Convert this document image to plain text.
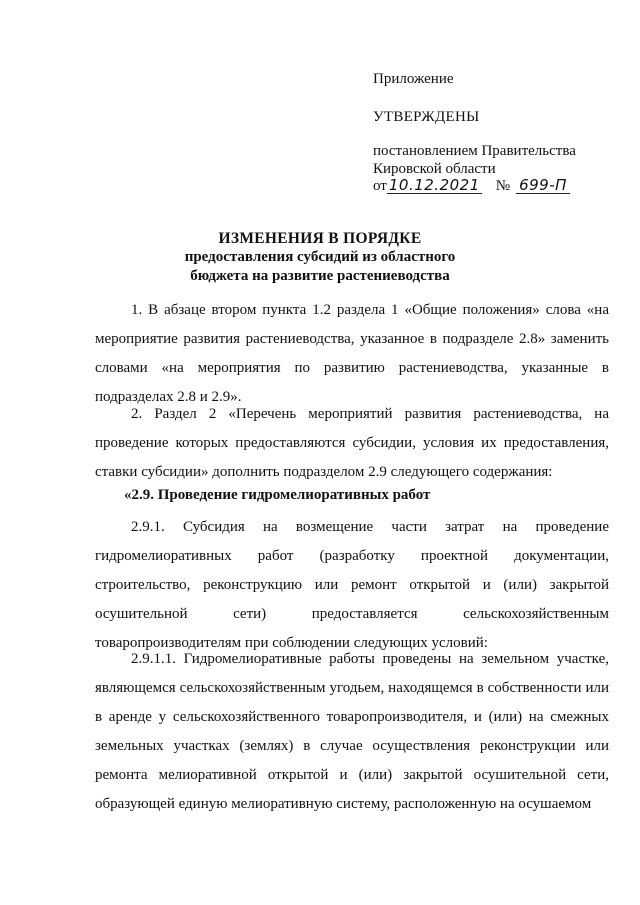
Приложение
УТВЕРЖДЕНЫ
постановлением Правительства
Кировской области
от 10.12.2021 № 699-П
ИЗМЕНЕНИЯ В ПОРЯДКЕ
предоставления субсидий из областного
бюджета на развитие растениеводства

1. В абзаце втором пункта 1.2 раздела 1 «Общие положения» слова «на мероприятие развития растениеводства, указанное в подразделе 2.8» заменить словами «на мероприятия по развитию растениеводства, указанные в подразделах 2.8 и 2.9».

2. Раздел 2 «Перечень мероприятий развития растениеводства, на проведение которых предоставляются субсидии, условия их предоставления, ставки субсидии» дополнить подразделом 2.9 следующего содержания:

«2.9. Проведение гидромелиоративных работ

2.9.1. Субсидия на возмещение части затрат на проведение гидромелиоративных работ (разработку проектной документации, строительство, реконструкцию или ремонт открытой и (или) закрытой осушительной сети) предоставляется сельскохозяйственным товаропроизводителям при соблюдении следующих условий:

2.9.1.1. Гидромелиоративные работы проведены на земельном участке, являющемся сельскохозяйственным угодьем, находящемся в собственности или в аренде у сельскохозяйственного товаропроизводителя, и (или) на смежных земельных участках (землях) в случае осуществления реконструкции или ремонта мелиоративной открытой и (или) закрытой осушительной сети, образующей единую мелиоративную систему, расположенную на осушаемом
